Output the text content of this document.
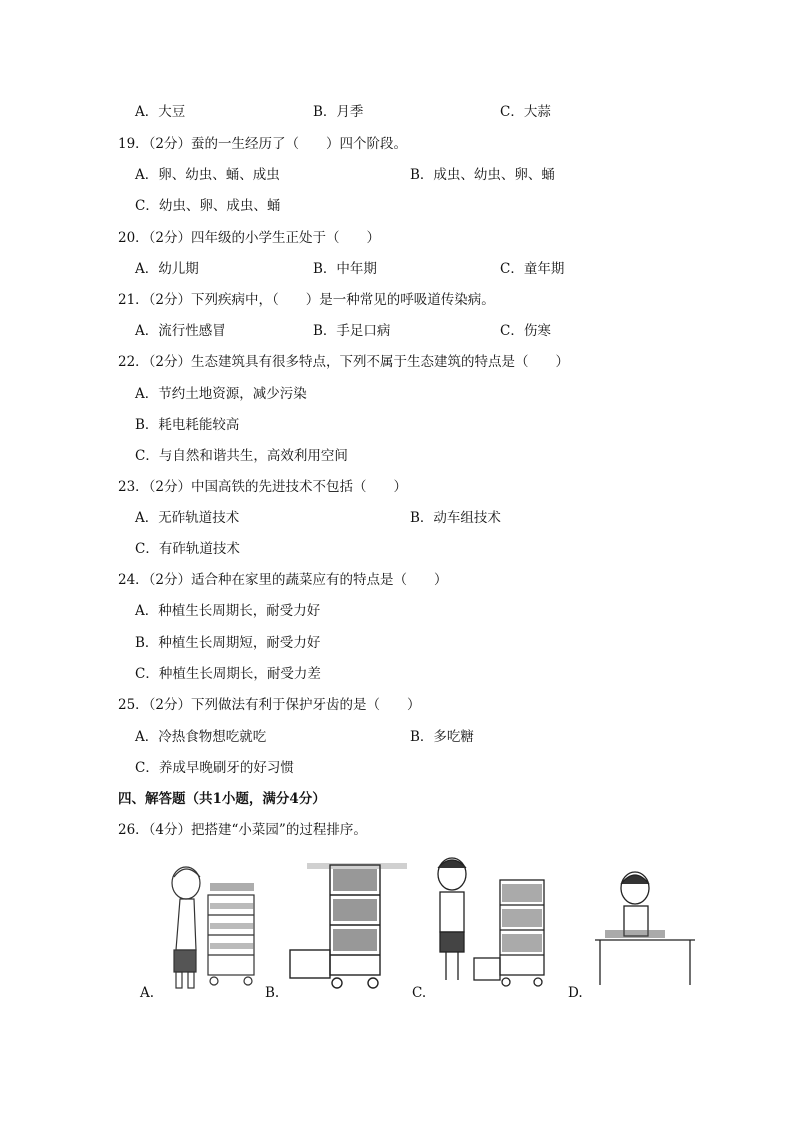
A．大豆	B．月季	C．大蒜
19．（2分）蚕的一生经历了（　　）四个阶段。
A．卵、幼虫、蛹、成虫	B．成虫、幼虫、卵、蛹
C．幼虫、卵、成虫、蛹
20．（2分）四年级的小学生正处于（　　）
A．幼儿期	B．中年期	C．童年期
21．（2分）下列疾病中，（　　）是一种常见的呼吸道传染病。
A．流行性感冒	B．手足口病	C．伤寒
22．（2分）生态建筑具有很多特点，下列不属于生态建筑的特点是（　　）
A．节约土地资源，减少污染
B．耗电耗能较高
C．与自然和谐共生，高效利用空间
23．（2分）中国高铁的先进技术不包括（　　）
A．无砟轨道技术	B．动车组技术
C．有砟轨道技术
24．（2分）适合种在家里的蔬菜应有的特点是（　　）
A．种植生长周期长，耐受力好
B．种植生长周期短，耐受力好
C．种植生长周期长，耐受力差
25．（2分）下列做法有利于保护牙齿的是（　　）
A．冷热食物想吃就吃	B．多吃糖
C．养成早晚刷牙的好习惯
四、解答题（共1小题，满分4分）
26．（4分）把搭建“小菜园”的过程排序。
A.	B.	C.	D.
